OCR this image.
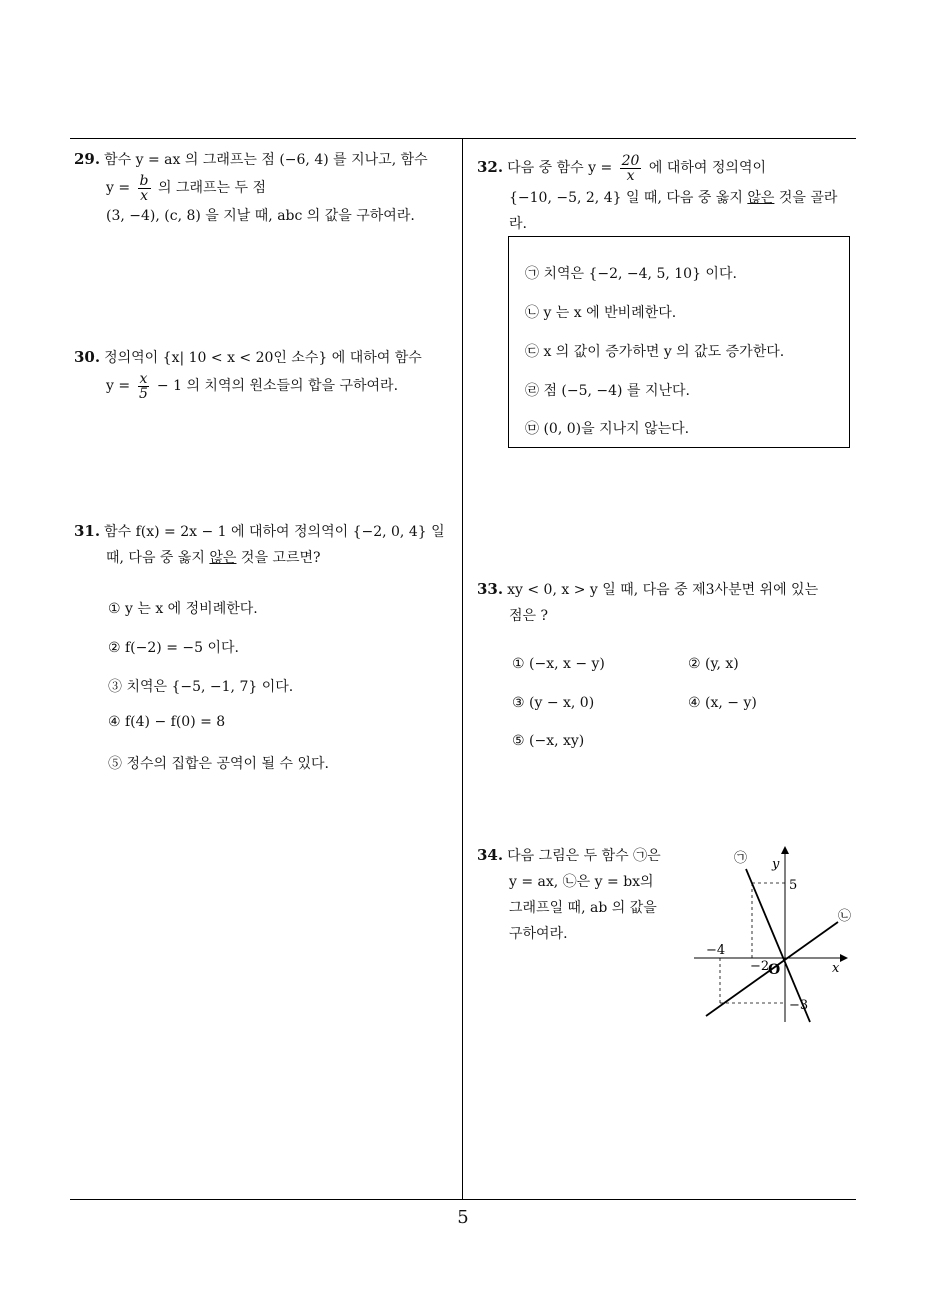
29. 함수 y = ax 의 그래프는 점 (−6, 4) 를 지나고, 함수
$y = \frac{b}{x}$ 의 그래프는 두 점
(3, −4), (c, 8) 을 지날 때, abc 의 값을 구하여라.
30. 정의역이 {x| 10 < x < 20인 소수} 에 대하여 함수
$y = \frac{x}{5} - 1$ 의 치역의 원소들의 합을 구하여라.
31. 함수 f(x) = 2x − 1 에 대하여 정의역이 {−2, 0, 4} 일
때, 다음 중 옳지 않은 것을 고르면?
① y 는 x 에 정비례한다.
② f(−2) = −5 이다.
③ 치역은 {−5, −1, 7} 이다.
④ f(4) − f(0) = 8
⑤ 정수의 집합은 공역이 될 수 있다.
32. 다음 중 함수 $y = \frac{20}{x}$ 에 대하여 정의역이
{−10, −5, 2, 4} 일 때, 다음 중 옳지 않은 것을 골라
라.
㉠ 치역은 {−2, −4, 5, 10} 이다.
㉡ y 는 x 에 반비례한다.
㉢ x 의 값이 증가하면 y 의 값도 증가한다.
㉣ 점 (−5, −4) 를 지난다.
㉤ (0, 0)을 지나지 않는다.
33. xy < 0, x > y 일 때, 다음 중 제3사분면 위에 있는
점은 ?
① (−x, x − y)	② (y, x)
③ (y − x, 0)	④ (x, − y)
⑤ (−x, xy)
34. 다음 그림은 두 함수 ㉠은
y = ax, ㉡은 y = bx의
그래프일 때, ab 의 값을
구하여라.
㉠
㉡
y
x
O
5
−4
−2
−3
5
